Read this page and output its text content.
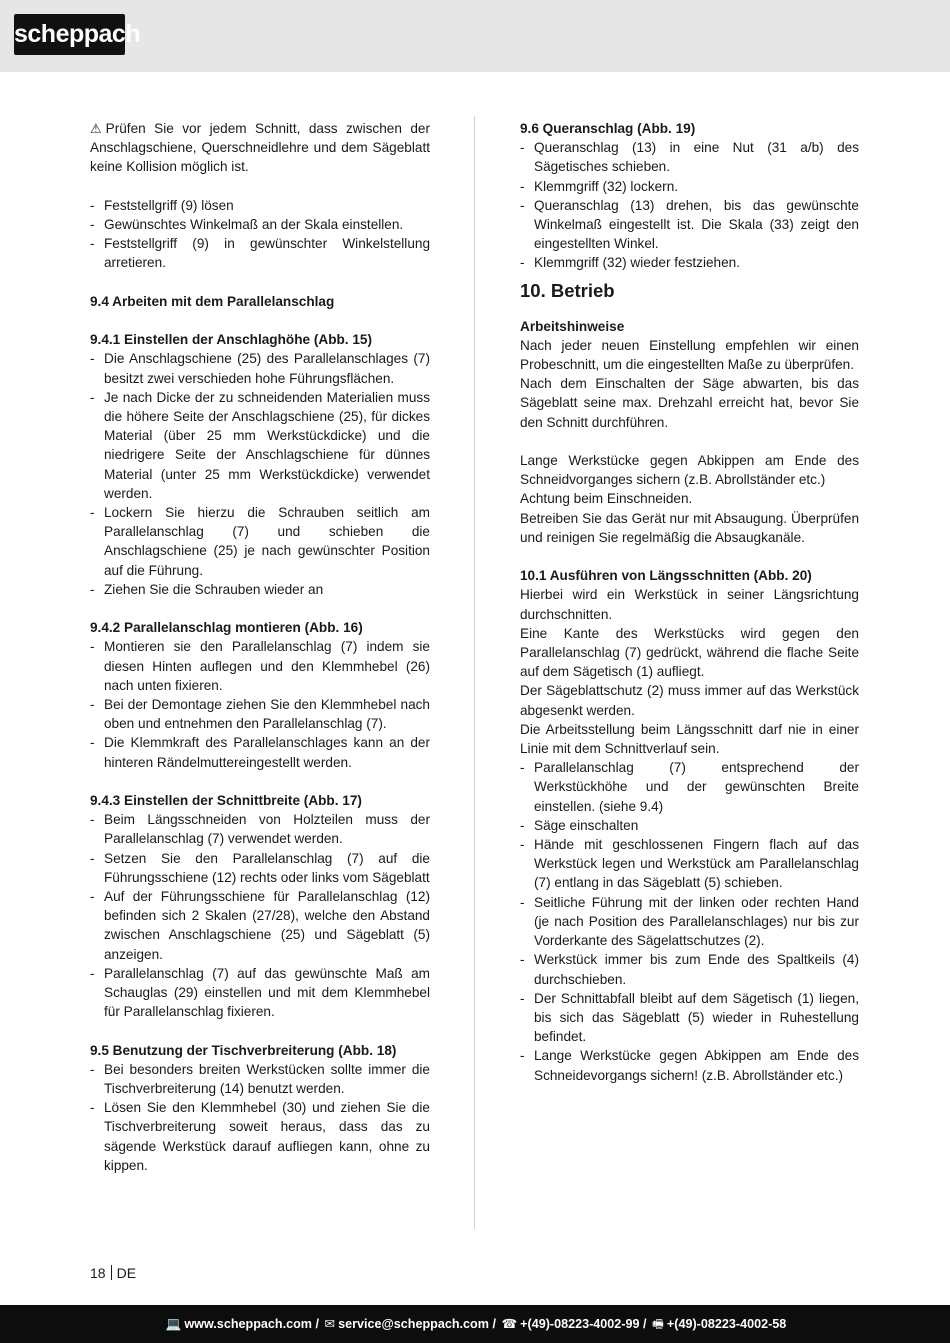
scheppach
⚠ Prüfen Sie vor jedem Schnitt, dass zwischen der Anschlagschiene, Querschneidlehre und dem Sägeblatt keine Kollision möglich ist.
- Feststellgriff (9) lösen
- Gewünschtes Winkelmaß an der Skala einstellen.
- Feststellgriff (9) in gewünschter Winkelstellung arretieren.
9.4 Arbeiten mit dem Parallelanschlag
9.4.1 Einstellen der Anschlaghöhe (Abb. 15)
- Die Anschlagschiene (25) des Parallelanschlages (7) besitzt zwei verschieden hohe Führungsflächen.
- Je nach Dicke der zu schneidenden Materialien muss die höhere Seite der Anschlagschiene (25), für dickes Material (über 25 mm Werkstückdicke) und die niedrigere Seite der Anschlagschiene für dünnes Material (unter 25 mm Werkstückdicke) verwendet werden.
- Lockern Sie hierzu die Schrauben seitlich am Parallelanschlag (7) und schieben die Anschlagschiene (25) je nach gewünschter Position auf die Führung.
- Ziehen Sie die Schrauben wieder an
9.4.2 Parallelanschlag montieren (Abb. 16)
- Montieren sie den Parallelanschlag (7) indem sie diesen Hinten auflegen und den Klemmhebel (26) nach unten fixieren.
- Bei der Demontage ziehen Sie den Klemmhebel nach oben und entnehmen den Parallelanschlag (7).
- Die Klemmkraft des Parallelanschlages kann an der hinteren Rändelmuttereingestellt werden.
9.4.3 Einstellen der Schnittbreite (Abb. 17)
- Beim Längsschneiden von Holzteilen muss der Parallelanschlag (7) verwendet werden.
- Setzen Sie den Parallelanschlag (7) auf die Führungsschiene (12) rechts oder links vom Sägeblatt
- Auf der Führungsschiene für Parallelanschlag (12) befinden sich 2 Skalen (27/28), welche den Abstand zwischen Anschlagschiene (25) und Sägeblatt (5) anzeigen.
- Parallelanschlag (7) auf das gewünschte Maß am Schauglas (29) einstellen und mit dem Klemmhebel für Parallelanschlag fixieren.
9.5 Benutzung der Tischverbreiterung (Abb. 18)
- Bei besonders breiten Werkstücken sollte immer die Tischverbreiterung (14) benutzt werden.
- Lösen Sie den Klemmhebel (30) und ziehen Sie die Tischverbreiterung soweit heraus, dass das zu sägende Werkstück darauf aufliegen kann, ohne zu kippen.
9.6 Queranschlag (Abb. 19)
- Queranschlag (13) in eine Nut (31 a/b) des Sägetisches schieben.
- Klemmgriff (32) lockern.
- Queranschlag (13) drehen, bis das gewünschte Winkelmaß eingestellt ist. Die Skala (33) zeigt den eingestellten Winkel.
- Klemmgriff (32) wieder festziehen.
10. Betrieb
Arbeitshinweise
Nach jeder neuen Einstellung empfehlen wir einen Probeschnitt, um die eingestellten Maße zu überprüfen.
Nach dem Einschalten der Säge abwarten, bis das Sägeblatt seine max. Drehzahl erreicht hat, bevor Sie den Schnitt durchführen.
Lange Werkstücke gegen Abkippen am Ende des Schneidvorganges sichern (z.B. Abrollständer etc.)
Achtung beim Einschneiden.
Betreiben Sie das Gerät nur mit Absaugung. Überprüfen und reinigen Sie regelmäßig die Absaugkanäle.
10.1 Ausführen von Längsschnitten (Abb. 20)
Hierbei wird ein Werkstück in seiner Längsrichtung durchschnitten.
Eine Kante des Werkstücks wird gegen den Parallelanschlag (7) gedrückt, während die flache Seite auf dem Sägetisch (1) aufliegt.
Der Sägeblattschutz (2) muss immer auf das Werkstück abgesenkt werden.
Die Arbeitsstellung beim Längsschnitt darf nie in einer Linie mit dem Schnittverlauf sein.
- Parallelanschlag (7) entsprechend der Werkstückhöhe und der gewünschten Breite einstellen. (siehe 9.4)
- Säge einschalten
- Hände mit geschlossenen Fingern flach auf das Werkstück legen und Werkstück am Parallelanschlag (7) entlang in das Sägeblatt (5) schieben.
- Seitliche Führung mit der linken oder rechten Hand (je nach Position des Parallelanschlages) nur bis zur Vorderkante des Sägelattschutzes (2).
- Werkstück immer bis zum Ende des Spaltkeils (4) durchschieben.
- Der Schnittabfall bleibt auf dem Sägetisch (1) liegen, bis sich das Sägeblatt (5) wieder in Ruhestellung befindet.
- Lange Werkstücke gegen Abkippen am Ende des Schneidevorgangs sichern! (z.B. Abrollständer etc.)
18 DE
💻 www.scheppach.com / ✉ service@scheppach.com / ☎ +(49)-08223-4002-99 / 🖷 +(49)-08223-4002-58
